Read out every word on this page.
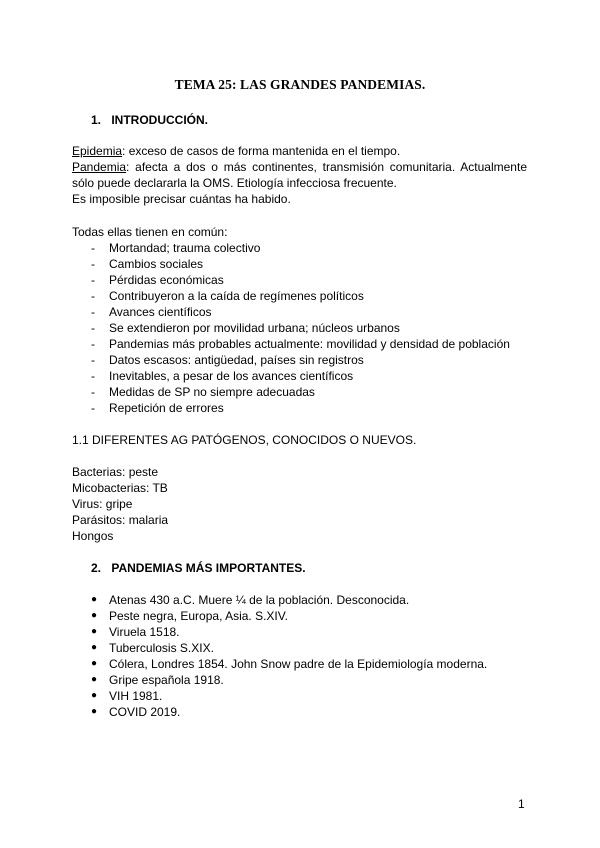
TEMA 25: LAS GRANDES PANDEMIAS.
1. INTRODUCCIÓN.
Epidemia: exceso de casos de forma mantenida en el tiempo.
Pandemia: afecta a dos o más continentes, transmisión comunitaria. Actualmente
sólo puede declararla la OMS. Etiología infecciosa frecuente.
Es imposible precisar cuántas ha habido.
Todas ellas tienen en común:
- Mortandad; trauma colectivo
- Cambios sociales
- Pérdidas económicas
- Contribuyeron a la caída de regímenes políticos
- Avances científicos
- Se extendieron por movilidad urbana; núcleos urbanos
- Pandemias más probables actualmente: movilidad y densidad de población
- Datos escasos: antigüedad, países sin registros
- Inevitables, a pesar de los avances científicos
- Medidas de SP no siempre adecuadas
- Repetición de errores
1.1 DIFERENTES AG PATÓGENOS, CONOCIDOS O NUEVOS.
Bacterias: peste
Micobacterias: TB
Virus: gripe
Parásitos: malaria
Hongos
2. PANDEMIAS MÁS IMPORTANTES.
● Atenas 430 a.C. Muere ¼ de la población. Desconocida.
● Peste negra, Europa, Asia. S.XIV.
● Viruela 1518.
● Tuberculosis S.XIX.
● Cólera, Londres 1854. John Snow padre de la Epidemiología moderna.
● Gripe española 1918.
● VIH 1981.
● COVID 2019.
1
